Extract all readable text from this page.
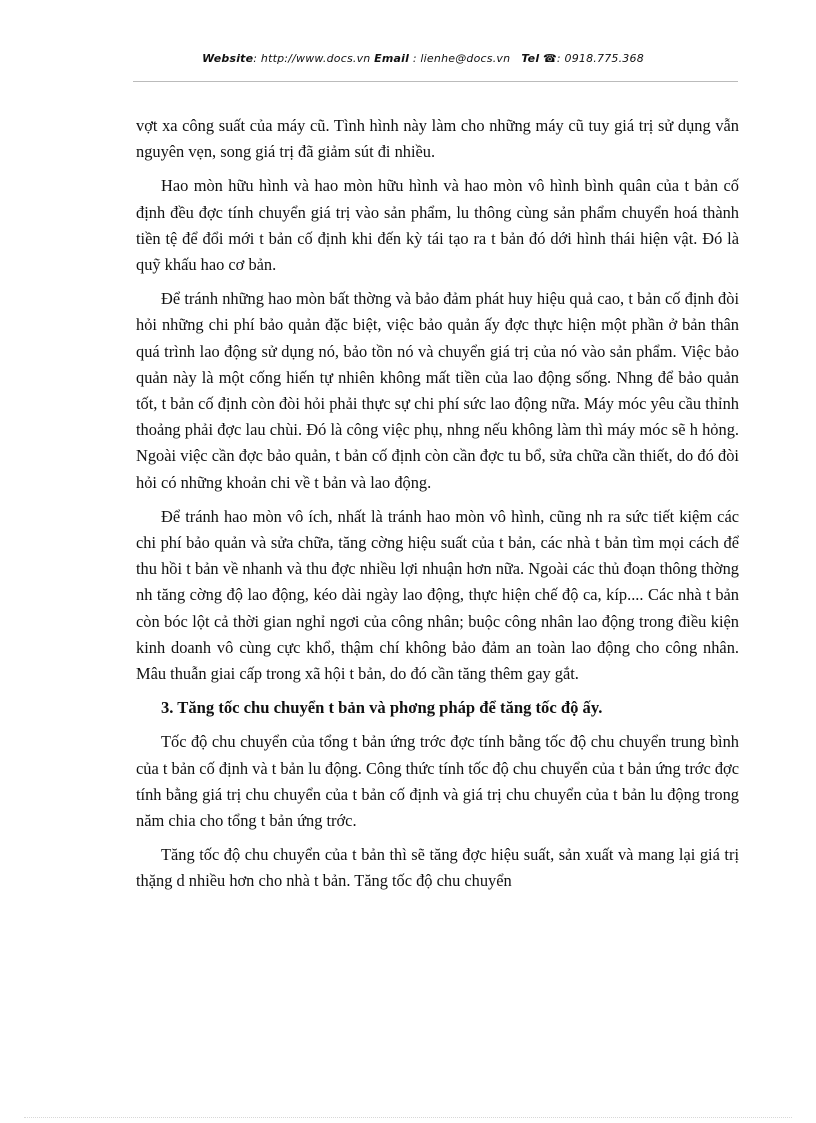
Website: http://www.docs.vn Email : lienhe@docs.vn Tel ☎: 0918.775.368

vợt xa công suất của máy cũ. Tình hình này làm cho những máy cũ tuy giá trị sử dụng vẫn nguyên vẹn, song giá trị đã giảm sút đi nhiều.

Hao mòn hữu hình và hao mòn hữu hình và hao mòn vô hình bình quân của t bản cố định đều đợc tính chuyển giá trị vào sản phẩm, lu thông cùng sản phẩm chuyển hoá thành tiền tệ để đổi mới t bản cố định khi đến kỳ tái tạo ra t bản đó dới hình thái hiện vật. Đó là quỹ khấu hao cơ bản.

Để tránh những hao mòn bất thờng và bảo đảm phát huy hiệu quả cao, t bản cố định đòi hỏi những chi phí bảo quản đặc biệt, việc bảo quản ấy đợc thực hiện một phần ở bản thân quá trình lao động sử dụng nó, bảo tồn nó và chuyển giá trị của nó vào sản phẩm. Việc bảo quản này là một cống hiến tự nhiên không mất tiền của lao động sống. Nhng để bảo quản tốt, t bản cố định còn đòi hỏi phải thực sự chi phí sức lao động nữa. Máy móc yêu cầu thỉnh thoảng phải đợc lau chùi. Đó là công việc phụ, nhng nếu không làm thì máy móc sẽ h hỏng. Ngoài việc cần đợc bảo quản, t bản cố định còn cần đợc tu bổ, sửa chữa cần thiết, do đó đòi hỏi có những khoản chi về t bản và lao động.

Để tránh hao mòn vô ích, nhất là tránh hao mòn vô hình, cũng nh ra sức tiết kiệm các chi phí bảo quản và sửa chữa, tăng cờng hiệu suất của t bản, các nhà t bản tìm mọi cách để thu hồi t bản về nhanh và thu đợc nhiều lợi nhuận hơn nữa. Ngoài các thủ đoạn thông thờng nh tăng cờng độ lao động, kéo dài ngày lao động, thực hiện chế độ ca, kíp.... Các nhà t bản còn bóc lột cả thời gian nghỉ ngơi của công nhân; buộc công nhân lao động trong điều kiện kinh doanh vô cùng cực khổ, thậm chí không bảo đảm an toàn lao động cho công nhân. Mâu thuẫn giai cấp trong xã hội t bản, do đó cần tăng thêm gay gắt.

3. Tăng tốc chu chuyển t bản và phơng pháp để tăng tốc độ ấy.

Tốc độ chu chuyển của tổng t bản ứng trớc đợc tính bằng tốc độ chu chuyển trung bình của t bản cố định và t bản lu động. Công thức tính tốc độ chu chuyển của t bản ứng trớc đợc tính bằng giá trị chu chuyển của t bản cố định và giá trị chu chuyển của t bản lu động trong năm chia cho tổng t bản ứng trớc.

Tăng tốc độ chu chuyển của t bản thì sẽ tăng đợc hiệu suất, sản xuất và mang lại giá trị thặng d nhiều hơn cho nhà t bản. Tăng tốc độ chu chuyển
